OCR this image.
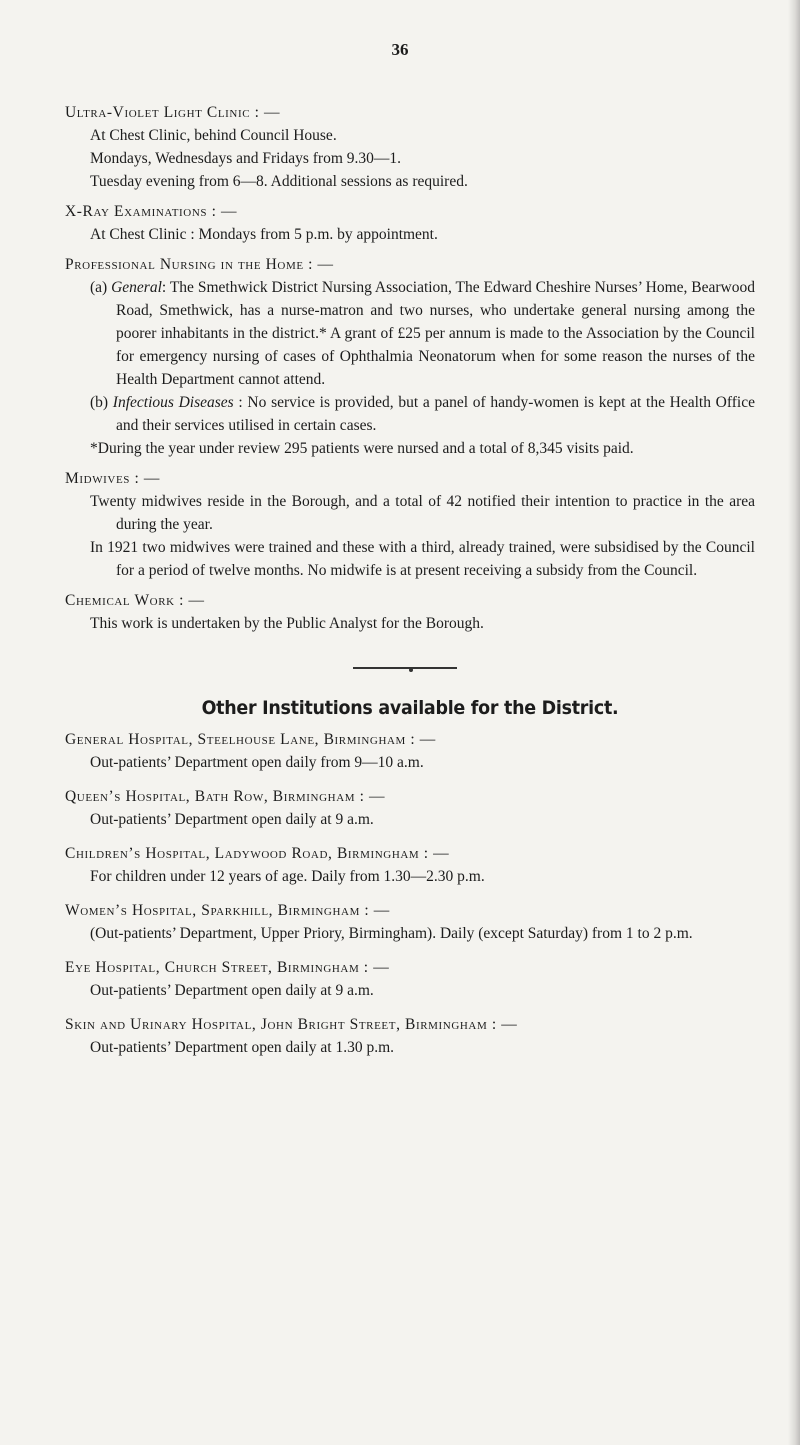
36

Ultra-Violet Light Clinic : —

At Chest Clinic, behind Council House.

Mondays, Wednesdays and Fridays from 9.30—1.

Tuesday evening from 6—8. Additional sessions as required.

X-Ray Examinations : —

At Chest Clinic : Mondays from 5 p.m. by appointment.

Professional Nursing in the Home : —

(a) General: The Smethwick District Nursing Association, The Edward Cheshire Nurses’ Home, Bearwood Road, Smethwick, has a nurse-matron and two nurses, who undertake general nursing among the poorer inhabitants in the district.* A grant of £25 per annum is made to the Association by the Council for emergency nursing of cases of Ophthalmia Neonatorum when for some reason the nurses of the Health Department cannot attend.

(b) Infectious Diseases : No service is provided, but a panel of handy-women is kept at the Health Office and their services utilised in certain cases.

*During the year under review 295 patients were nursed and a total of 8,345 visits paid.

Midwives : —

Twenty midwives reside in the Borough, and a total of 42 notified their intention to practice in the area during the year.

In 1921 two midwives were trained and these with a third, already trained, were subsidised by the Council for a period of twelve months. No midwife is at present receiving a subsidy from the Council.

Chemical Work : —

This work is undertaken by the Public Analyst for the Borough.

Other Institutions available for the District.

General Hospital, Steelhouse Lane, Birmingham : —

Out-patients’ Department open daily from 9—10 a.m.

Queen’s Hospital, Bath Row, Birmingham : —

Out-patients’ Department open daily at 9 a.m.

Children’s Hospital, Ladywood Road, Birmingham : —

For children under 12 years of age. Daily from 1.30—2.30 p.m.

Women’s Hospital, Sparkhill, Birmingham : —

(Out-patients’ Department, Upper Priory, Birmingham). Daily (except Saturday) from 1 to 2 p.m.

Eye Hospital, Church Street, Birmingham : —

Out-patients’ Department open daily at 9 a.m.

Skin and Urinary Hospital, John Bright Street, Birmingham : —

Out-patients’ Department open daily at 1.30 p.m.
